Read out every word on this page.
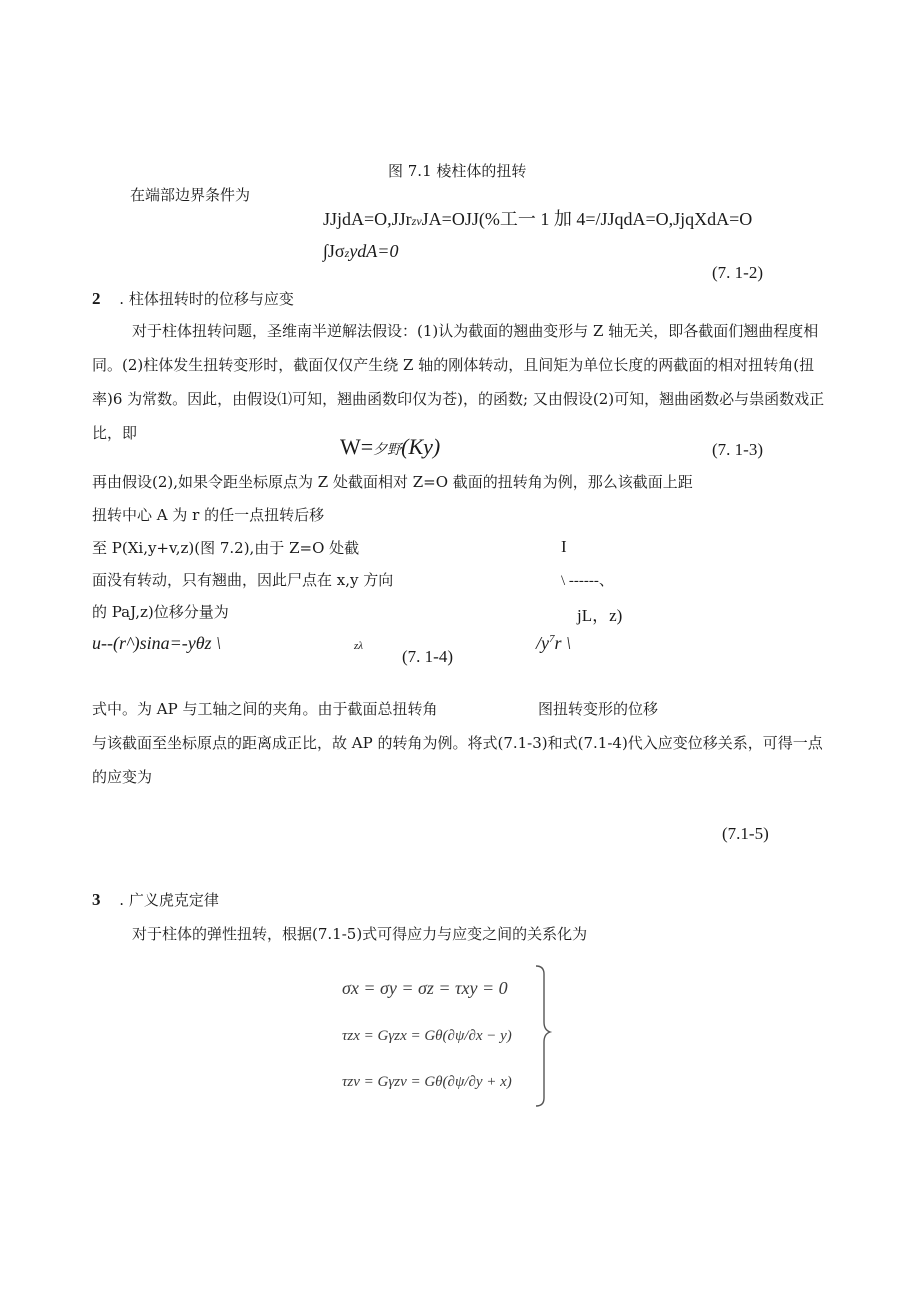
图 7.1 棱柱体的扭转
在端部边界条件为
JJjdA=O,JJrzvJA=OJJ(%工一 1 加 4=/JJqdA=O,JjqXdA=O
∫JσzydA=0
(7. 1-2)
2 . 柱体扭转时的位移与应变
对于柱体扭转问题，圣维南半逆解法假设：(1)认为截面的翘曲变形与 Z 轴无关，即各截面们翘曲程度相同。(2)柱体发生扭转变形时，截面仅仅产生绕 Z 轴的刚体转动，且间矩为单位长度的两截面的相对扭转角(扭率)6 为常数。因此，由假设⑴可知，翘曲函数印仅为苍)，的函数; 又由假设(2)可知，翘曲函数必与祟函数戏正比，即
W=夕野(Ky)	(7. 1-3)
再由假设(2),如果令距坐标原点为 Z 处截面相对 Z=O 截面的扭转角为例，那么该截面上距
扭转中心 A 为 r 的任一点扭转后移
至 P(Xi,y+v,z)(图 7.2),由于 Z=O 处截
面没有转动，只有翘曲，因此尸点在 x,y 方向
的 PaJ,z)位移分量为
I
\ ------、
jL，z)
u--(r^)sina=-yθz \	zλ
(7. 1-4)
$/y^7r$ \
式中。为 AP 与工轴之间的夹角。由于截面总扭转角	图扭转变形的位移
与该截面至坐标原点的距离成正比，故 AP 的转角为例。将式(7.1-3)和式(7.1-4)代入应变位移关系，可得一点的应变为
(7.1-5)
3 . 广义虎克定律
对于柱体的弹性扭转，根据(7.1-5)式可得应力与应变之间的关系化为
σx = σy = σz = τxy = 0
τzx = Gγzx = Gθ(∂ψ/∂x − y)
τzv = Gγzv = Gθ(∂ψ/∂y + x)
